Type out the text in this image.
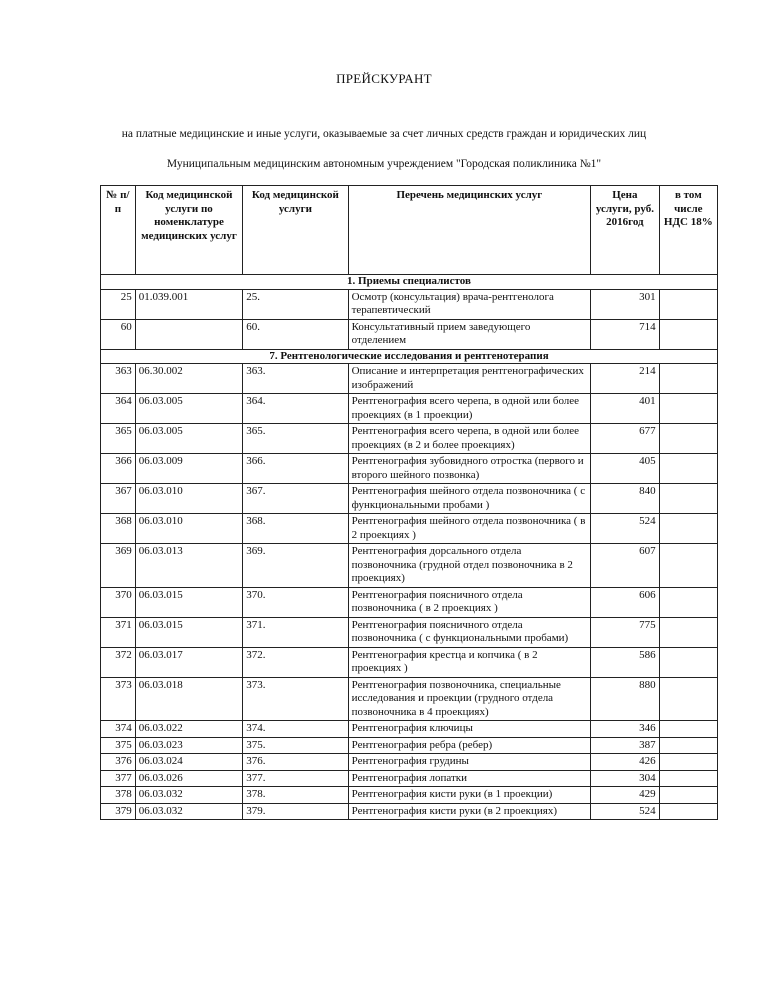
ПРЕЙСКУРАНТ
на платные медицинские и иные услуги, оказываемые за счет личных средств граждан и юридических лиц
Муниципальным медицинским автономным учреждением "Городская поликлиника №1"
№ п/п	Код медицинской услуги по номенклатуре медицинских услуг	Код медицинской услуги	Перечень медицинских услуг	Цена услуги, руб. 2016год	в том числе НДС 18%
1. Приемы специалистов					
25	01.039.001	25.	Осмотр (консультация) врача-рентгенолога терапевтический	301	
60		60.	Консультативный прием заведующего отделением	714	
7. Рентгенологические исследования и рентгенотерапия					
363	06.30.002	363.	Описание и интерпретация рентгенографических изображений	214	
364	06.03.005	364.	Рентгенография всего черепа, в одной или более проекциях (в 1 проекции)	401	
365	06.03.005	365.	Рентгенография всего черепа, в одной или более проекциях (в 2 и более проекциях)	677	
366	06.03.009	366.	Рентгенография зубовидного отростка (первого и второго шейного позвонка)	405	
367	06.03.010	367.	Рентгенография шейного отдела позвоночника ( с функциональными пробами )	840	
368	06.03.010	368.	Рентгенография шейного отдела позвоночника ( в 2 проекциях )	524	
369	06.03.013	369.	Рентгенография дорсального отдела позвоночника (грудной отдел позвоночника в 2 проекциях)	607	
370	06.03.015	370.	Рентгенография поясничного отдела позвоночника ( в 2 проекциях )	606	
371	06.03.015	371.	Рентгенография поясничного отдела позвоночника ( с функциональными пробами)	775	
372	06.03.017	372.	Рентгенография крестца и копчика ( в 2 проекциях )	586	
373	06.03.018	373.	Рентгенография позвоночника, специальные исследования и проекции (грудного отдела позвоночника в 4 проекциях)	880	
374	06.03.022	374.	Рентгенография ключицы	346	
375	06.03.023	375.	Рентгенография ребра (ребер)	387	
376	06.03.024	376.	Рентгенография грудины	426	
377	06.03.026	377.	Рентгенография лопатки	304	
378	06.03.032	378.	Рентгенография кисти руки (в 1 проекции)	429	
379	06.03.032	379.	Рентгенография кисти руки (в 2 проекциях)	524	
